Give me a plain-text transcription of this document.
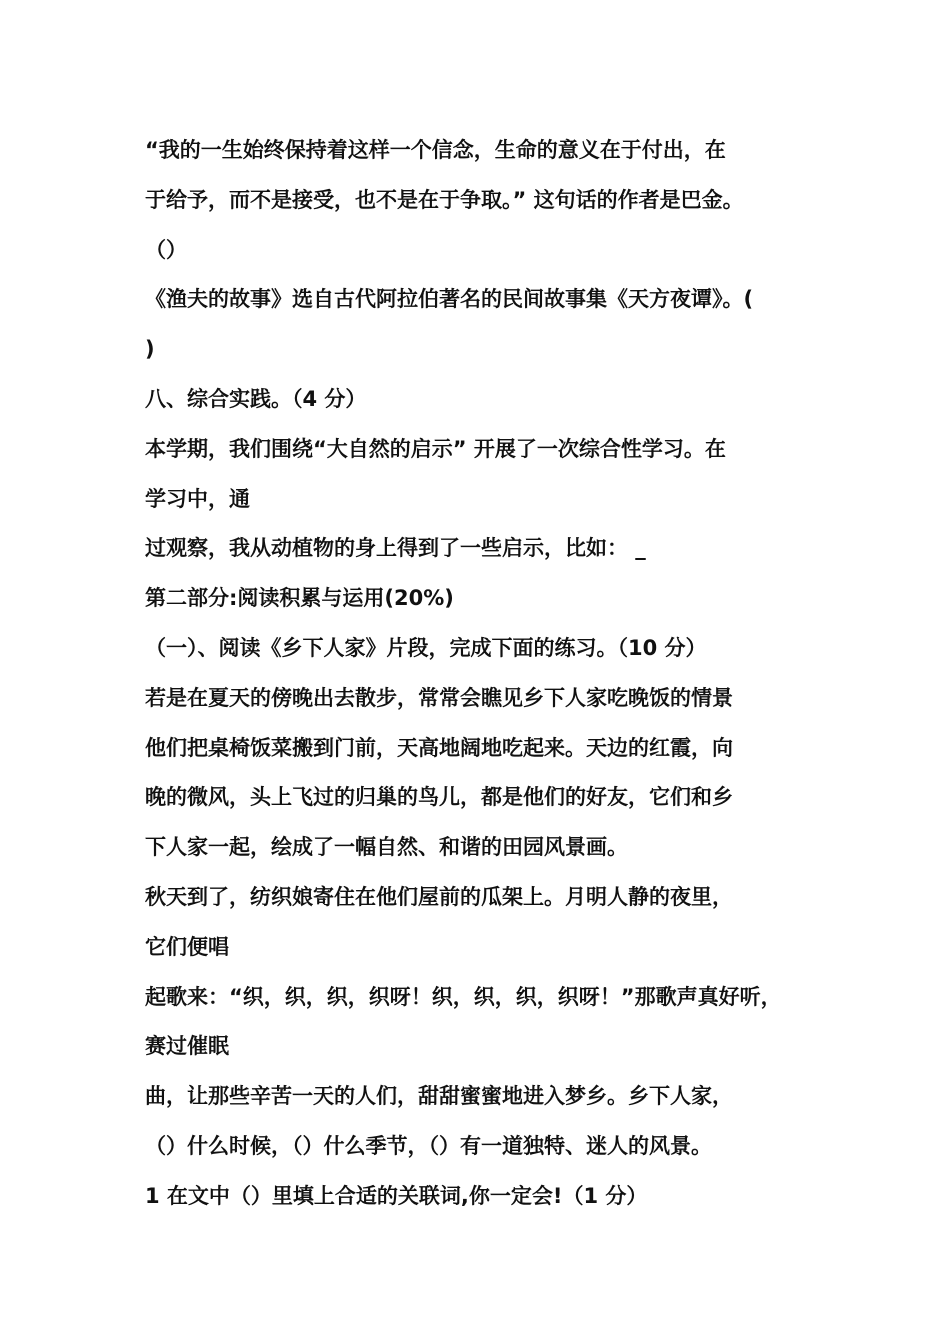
“我的一生始终保持着这样一个信念，生命的意义在于付出，在
于给予，而不是接受，也不是在于争取。” 这句话的作者是巴金。
（）
《渔夫的故事》选自古代阿拉伯著名的民间故事集《天方夜谭》。(
)
八、综合实践。（4 分）
本学期，我们围绕“大自然的启示” 开展了一次综合性学习。在
学习中，通
过观察，我从动植物的身上得到了一些启示，比如： _
第二部分:阅读积累与运用(20%)
（一）、阅读《乡下人家》片段，完成下面的练习。（10 分）
若是在夏天的傍晚出去散步，常常会瞧见乡下人家吃晚饭的情景
他们把桌椅饭菜搬到门前，天高地阔地吃起来。天边的红霞，向
晚的微风，头上飞过的归巢的鸟儿，都是他们的好友，它们和乡
下人家一起，绘成了一幅自然、和谐的田园风景画。
秋天到了，纺织娘寄住在他们屋前的瓜架上。月明人静的夜里，
它们便唱
起歌来：“织，织，织，织呀！织，织，织，织呀！”那歌声真好听，
赛过催眠
曲，让那些辛苦一天的人们，甜甜蜜蜜地进入梦乡。乡下人家，
（）什么时候，（）什么季节，（）有一道独特、迷人的风景。
1 在文中（）里填上合适的关联词,你一定会!（1 分）
